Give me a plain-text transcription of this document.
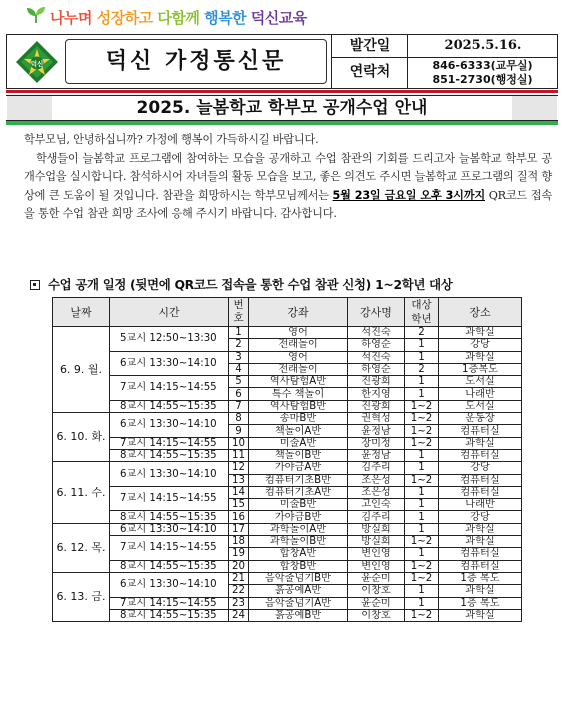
나누며 성장하고 다함께 행복한 덕신교육
덕신	덕신 가정통신문
발간일	2025.5.16.
연락처	846-6333(교무실)
851-2730(행정실)
2025. 늘봄학교 학부모 공개수업 안내
학부모님, 안녕하십니까? 가정에 행복이 가득하시길 바랍니다.
학생들이 늘봄학교 프로그램에 참여하는 모습을 공개하고 수업 참관의 기회를 드리고자 늘봄학교 학부모 공개수업을 실시합니다. 참석하시어 자녀들의 활동 모습을 보고, 좋은 의견도 주시면 늘봄학교 프로그램의 질적 향상에 큰 도움이 될 것입니다. 참관을 희망하시는 학부모님께서는 5월 23일 금요일 오후 3시까지 QR코드 접속을 통한 수업 참관 희망 조사에 응해 주시기 바랍니다. 감사합니다.
수업 공개 일정 (뒷면에 QR코드 접속을 통한 수업 참관 신청) 1~2학년 대상
날짜	시간	번호	강좌	강사명	대상학년	장소

6. 9. 월.	5교시 12:50~13:30	1	영어	석진숙	2	과학실
		2	전래놀이	하영순	1	강당
	6교시 13:30~14:10	3	영어	석진숙	1	과학실
		4	전래놀이	하영순	2	1층복도
	7교시 14:15~14:55	5	역사탐험A반	진광희	1	도서실
		6	특수 책놀이	한지영	1	나래반
	8교시 14:55~15:35	7	역사탐험B반	진광희	1~2	도서실
6. 10. 화.	6교시 13:30~14:10	8	송마B반	권혁성	1~2	운동장
		9	책놀이A반	윤정남	1~2	컴퓨터실
	7교시 14:15~14:55	10	미술A반	장미정	1~2	과학실
	8교시 14:55~15:35	11	책놀이B반	윤정남	1	컴퓨터실
6. 11. 수.	6교시 13:30~14:10	12	가야금A반	김주리	1	강당
		13	컴퓨터기초B반	조은성	1~2	컴퓨터실
	7교시 14:15~14:55	14	컴퓨터기초A반	조은성	1	컴퓨터실
		15	미술B반	고인숙	1	나래반
	8교시 14:55~15:35	16	가야금B반	김주리	1	강당
6. 12. 목.	6교시 13:30~14:10	17	과학놀이A반	방실희	1	과학실
	7교시 14:15~14:55	18	과학놀이B반	방실희	1~2	과학실
		19	합창A반	변인영	1	컴퓨터실
	8교시 14:55~15:35	20	합창B반	변인영	1~2	컴퓨터실
6. 13. 금.	6교시 13:30~14:10	21	음악줄넘기B반	윤순미	1~2	1층 복도
		22	흙공예A반	이창호	1	과학실
	7교시 14:15~14:55	23	음악줄넘기A반	윤순미	1	1층 복도
	8교시 14:55~15:35	24	흙공예B반	이창호	1~2	과학실
